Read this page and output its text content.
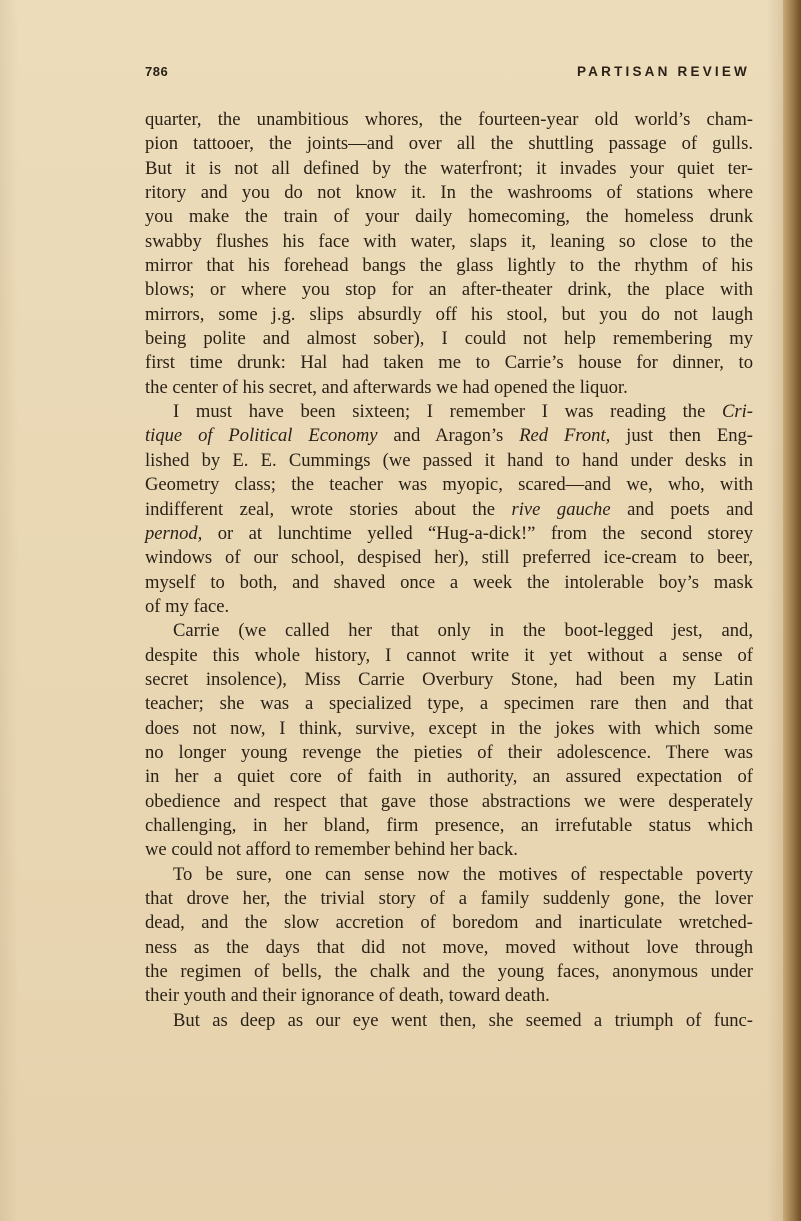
786	PARTISAN REVIEW
quarter, the unambitious whores, the fourteen-year old world’s cham-
pion tattooer, the joints—and over all the shuttling passage of gulls.
But it is not all defined by the waterfront; it invades your quiet ter-
ritory and you do not know it. In the washrooms of stations where
you make the train of your daily homecoming, the homeless drunk
swabby flushes his face with water, slaps it, leaning so close to the
mirror that his forehead bangs the glass lightly to the rhythm of his
blows; or where you stop for an after-theater drink, the place with
mirrors, some j.g. slips absurdly off his stool, but you do not laugh
being polite and almost sober), I could not help remembering my
first time drunk: Hal had taken me to Carrie’s house for dinner, to
the center of his secret, and afterwards we had opened the liquor.
I must have been sixteen; I remember I was reading the Cri-
tique of Political Economy and Aragon’s Red Front, just then Eng-
lished by E. E. Cummings (we passed it hand to hand under desks in
Geometry class; the teacher was myopic, scared—and we, who, with
indifferent zeal, wrote stories about the rive gauche and poets and
pernod, or at lunchtime yelled “Hug-a-dick!” from the second storey
windows of our school, despised her), still preferred ice-cream to beer,
myself to both, and shaved once a week the intolerable boy’s mask
of my face.
Carrie (we called her that only in the boot-legged jest, and,
despite this whole history, I cannot write it yet without a sense of
secret insolence), Miss Carrie Overbury Stone, had been my Latin
teacher; she was a specialized type, a specimen rare then and that
does not now, I think, survive, except in the jokes with which some
no longer young revenge the pieties of their adolescence. There was
in her a quiet core of faith in authority, an assured expectation of
obedience and respect that gave those abstractions we were desperately
challenging, in her bland, firm presence, an irrefutable status which
we could not afford to remember behind her back.
To be sure, one can sense now the motives of respectable poverty
that drove her, the trivial story of a family suddenly gone, the lover
dead, and the slow accretion of boredom and inarticulate wretched-
ness as the days that did not move, moved without love through
the regimen of bells, the chalk and the young faces, anonymous under
their youth and their ignorance of death, toward death.
But as deep as our eye went then, she seemed a triumph of func-
